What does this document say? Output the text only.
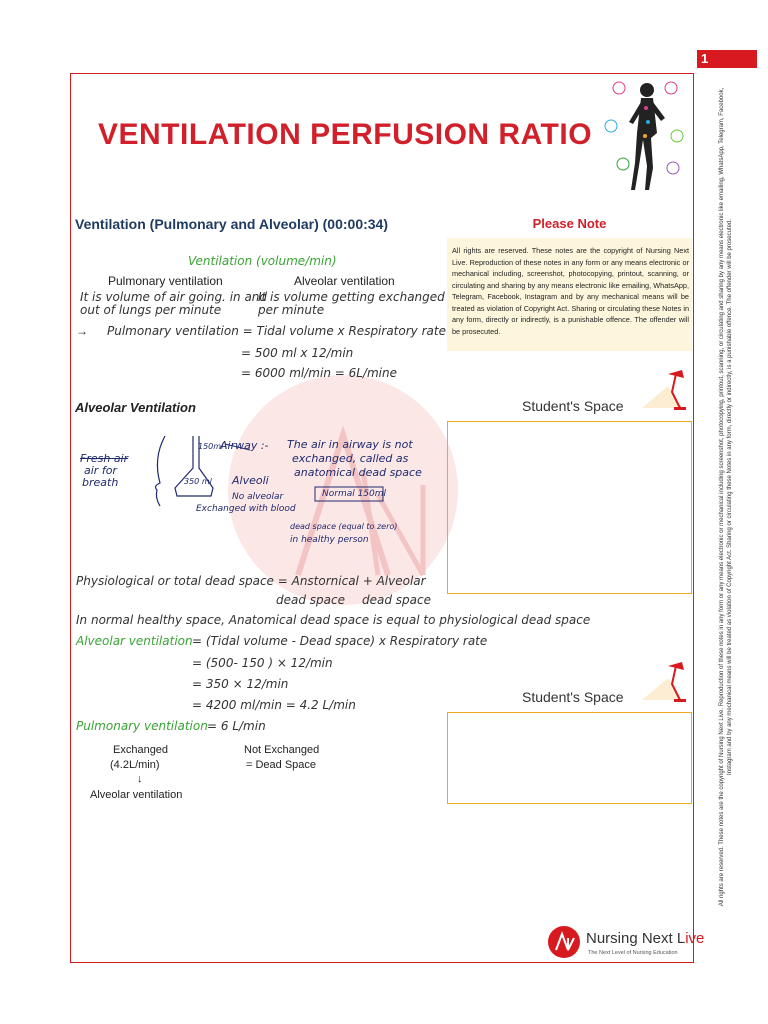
1
All rights are reserved. These notes are the copyright of Nursing Next Live. Reproduction of these notes in any form or any means electronic or mechanical including screenshot, photocopying, printout, scanning, or circulating and sharing by any means electronic like emailing, WhatsApp, Telegram, Facebook, Instagram and by any mechanical means will be treated as violation of Copyright Act. Sharing or circulating these Notes in any form, directly or indirectly, is a punishable offence. The offender will be prosecuted.
VENTILATION PERFUSION RATIO
Ventilation (Pulmonary and Alveolar) (00:00:34)
Ventilation (volume/min)
Pulmonary ventilation	Alveolar ventilation
It is volume of air going. in and
out of lungs per minute
It is volume getting exchanged
per minute
→ Pulmonary ventilation = Tidal volume x Respiratory rate
= 500 ml x 12/min
= 6000 ml/min = 6L/mine
Please Note
All rights are reserved. These notes are the copyright of Nursing Next Live. Reproduction of these notes in any form or any means electronic or mechanical including, screenshot, photocopying, printout, scanning, or circulating and sharing by any means electronic like emailing, WhatsApp, Telegram, Facebook, Instagram and by any mechanical means will be treated as violation of Copyright Act. Sharing or circulating these Notes in any form, directly or indirectly, is a punishable offence. The offender will be prosecuted.
Student's Space
Alveolar Ventilation
Fresh air
air for
breath
150ml
Airway :- The air in airway is not
exchanged, called as
anatomical dead space
Normal 150ml
350 ml Alveoli
No alveolar
Exchanged with blood
dead space (equal to zero)
in healthy person
Physiological or total dead space = Anstornical + Alveolar
dead space dead space
In normal healthy space, Anatomical dead space is equal to physiological dead space
Alveolar ventilation = (Tidal volume - Dead space) x Respiratory rate
= (500- 150 ) × 12/min
= 350 × 12/min
= 4200 ml/min = 4.2 L/min
Pulmonary ventilation = 6 L/min
Exchanged
(4.2L/min)
↓
Alveolar ventilation
Not Exchanged
= Dead Space
Student's Space
Nursing Next Live
The Next Level of Nursing Education
